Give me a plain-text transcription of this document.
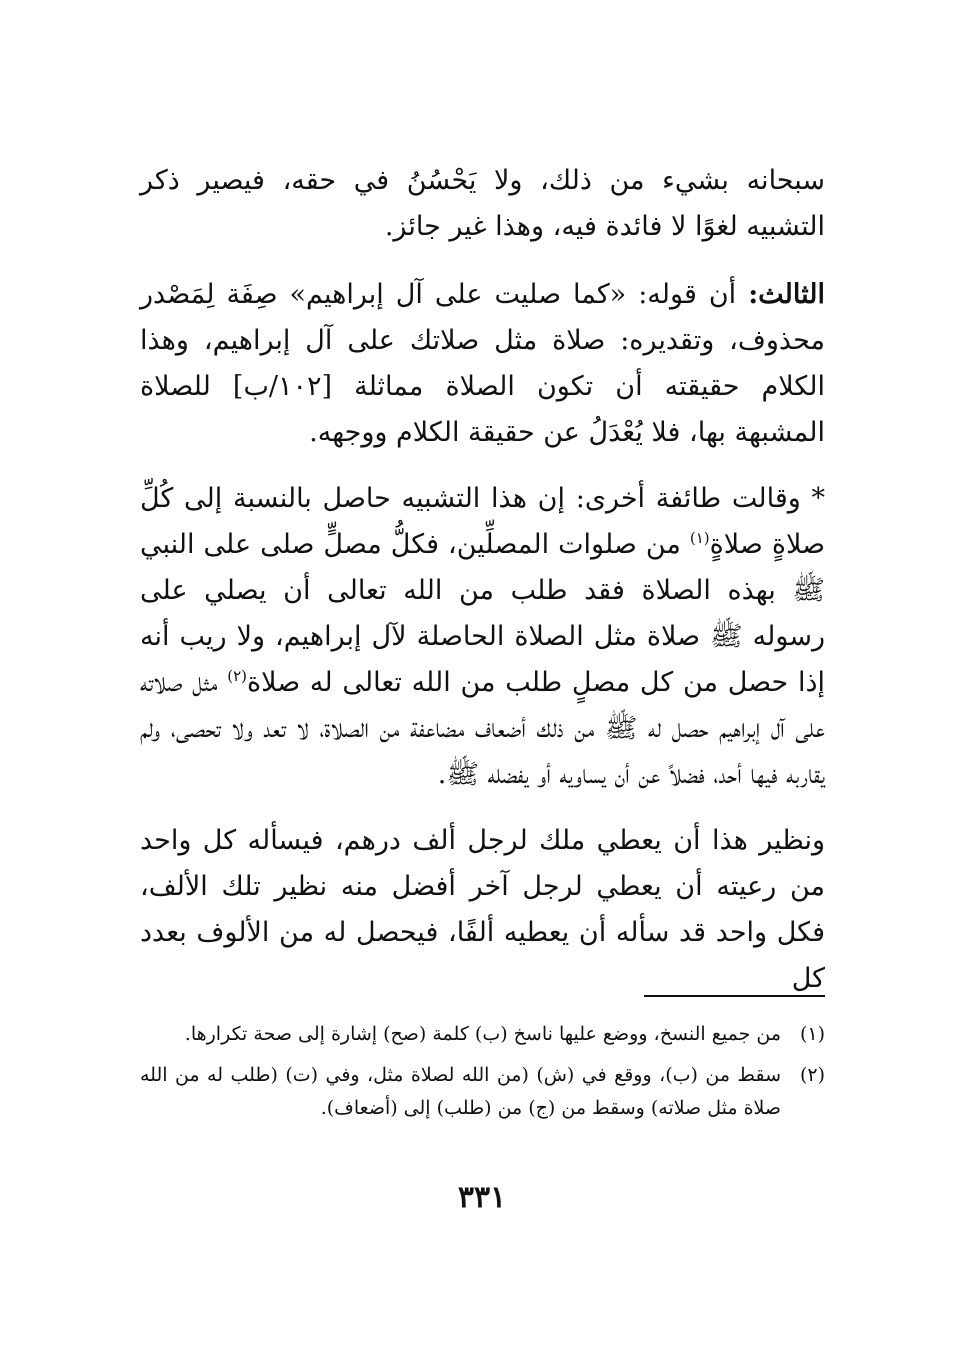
سبحانه بشيء من ذلك، ولا يَحْسُنُ في حقه، فيصير ذكر التشبيه لغوًا لا فائدة فيه، وهذا غير جائز.

الثالث: أن قوله: «كما صليت على آل إبراهيم» صِفَة لِمَصْدر محذوف، وتقديره: صلاة مثل صلاتك على آل إبراهيم، وهذا الكلام حقيقته أن تكون الصلاة مماثلة [١٠٢/ب] للصلاة المشبهة بها، فلا يُعْدَلُ عن حقيقة الكلام ووجهه.

* وقالت طائفة أخرى: إن هذا التشبيه حاصل بالنسبة إلى كُلِّ صلاةٍ صلاةٍ$^{(١)}$ من صلوات المصلِّين، فكلُّ مصلٍّ صلى على النبي ﷺ بهذه الصلاة فقد طلب من الله تعالى أن يصلي على رسوله ﷺ صلاة مثل الصلاة الحاصلة لآل إبراهيم، ولا ريب أنه إذا حصل من كل مصلٍ طلب من الله تعالى له صلاة$^{(٢)}$ مثل صلاته على آل إبراهيم حصل له ﷺ من ذلك أضعاف مضاعفة من الصلاة، لا تعد ولا تحصى، ولم يقاربه فيها أحد، فضلاً عن أن يساويه أو يفضله ﷺ.

ونظير هذا أن يعطي ملك لرجل ألف درهم، فيسأله كل واحد من رعيته أن يعطي لرجل آخر أفضل منه نظير تلك الألف، فكل واحد قد سأله أن يعطيه ألفًا، فيحصل له من الألوف بعدد كل

(١)
من جميع النسخ، ووضع عليها ناسخ (ب) كلمة (صح) إشارة إلى صحة تكرارها.
(٢)
سقط من (ب)، ووقع في (ش) (من الله لصلاة مثل، وفي (ت) (طلب له من الله صلاة مثل صلاته) وسقط من (ج) من (طلب) إلى (أضعاف).
٣٣١
